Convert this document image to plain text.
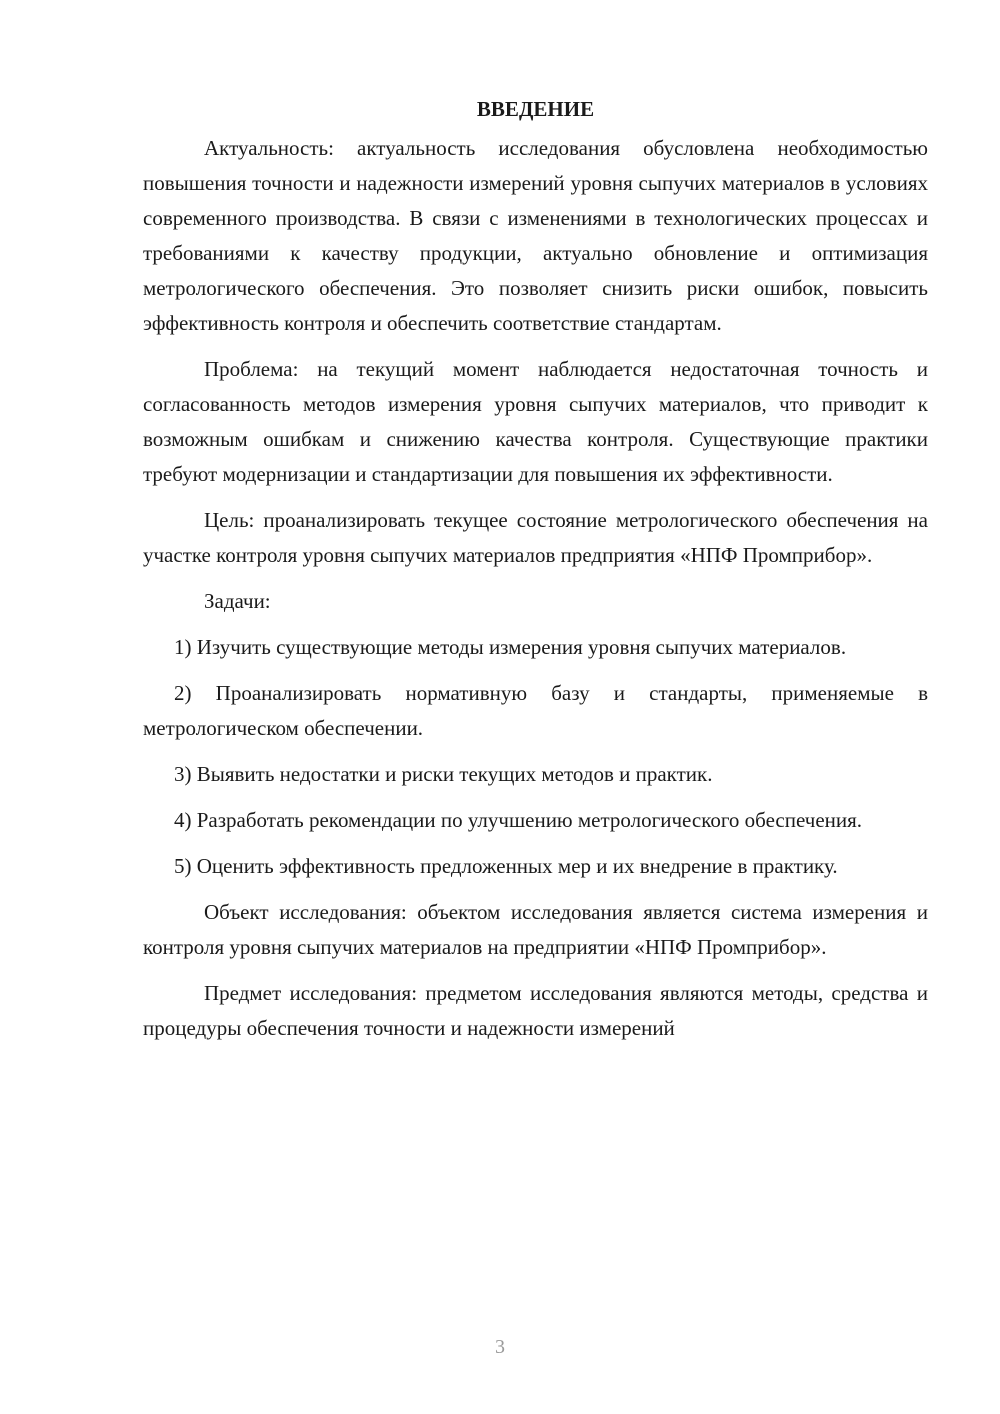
ВВЕДЕНИЕ

Актуальность: актуальность исследования обусловлена необходимостью повышения точности и надежности измерений уровня сыпучих материалов в условиях современного производства. В связи с изменениями в технологических процессах и требованиями к качеству продукции, актуально обновление и оптимизация метрологического обеспечения. Это позволяет снизить риски ошибок, повысить эффективность контроля и обеспечить соответствие стандартам.

Проблема: на текущий момент наблюдается недостаточная точность и согласованность методов измерения уровня сыпучих материалов, что приводит к возможным ошибкам и снижению качества контроля. Существующие практики требуют модернизации и стандартизации для повышения их эффективности.

Цель: проанализировать текущее состояние метрологического обеспечения на участке контроля уровня сыпучих материалов предприятия «НПФ Промприбор».

Задачи:

1) Изучить существующие методы измерения уровня сыпучих материалов.

2) Проанализировать нормативную базу и стандарты, применяемые в метрологическом обеспечении.

3) Выявить недостатки и риски текущих методов и практик.

4) Разработать рекомендации по улучшению метрологического обеспечения.

5) Оценить эффективность предложенных мер и их внедрение в практику.

Объект исследования: объектом исследования является система измерения и контроля уровня сыпучих материалов на предприятии «НПФ Промприбор».

Предмет исследования: предметом исследования являются методы, средства и процедуры обеспечения точности и надежности измерений

3
